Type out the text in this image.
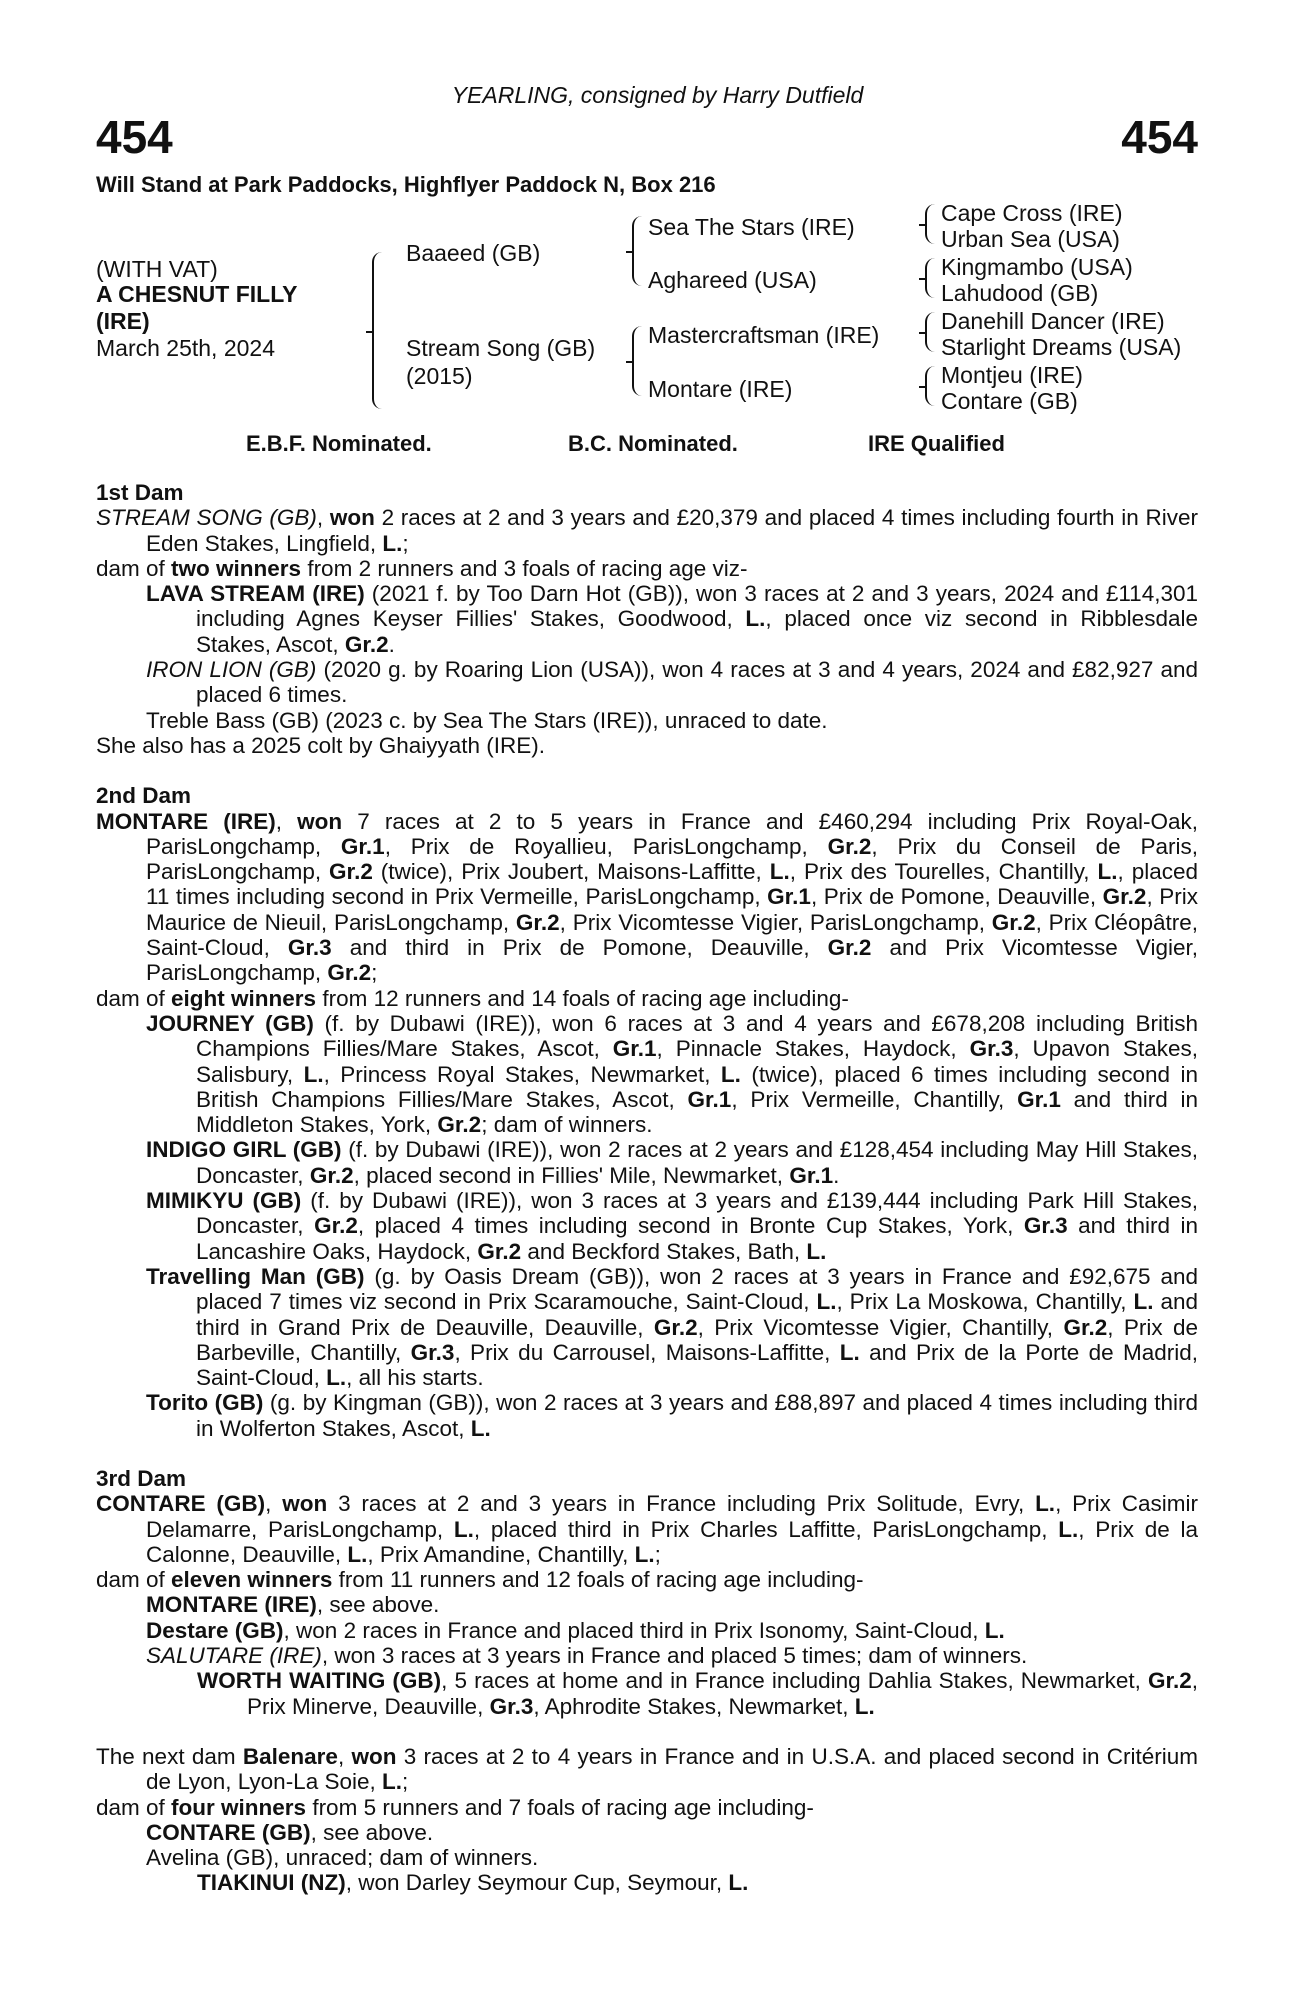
YEARLING, consigned by Harry Dutfield
454	454
Will Stand at Park Paddocks, Highflyer Paddock N, Box 216
(WITH VAT)
A CHESNUT FILLY
(IRE)
March 25th, 2024
Baaeed (GB)
Stream Song (GB)
(2015)
Sea The Stars (IRE)
Aghareed (USA)
Mastercraftsman (IRE)
Montare (IRE)
Cape Cross (IRE)
Urban Sea (USA)
Kingmambo (USA)
Lahudood (GB)
Danehill Dancer (IRE)
Starlight Dreams (USA)
Montjeu (IRE)
Contare (GB)
E.B.F. Nominated.	B.C. Nominated.	IRE Qualified
1st Dam
STREAM SONG (GB), won 2 races at 2 and 3 years and £20,379 and placed 4 times including fourth in River Eden Stakes, Lingfield, L.;
dam of two winners from 2 runners and 3 foals of racing age viz-
LAVA STREAM (IRE) (2021 f. by Too Darn Hot (GB)), won 3 races at 2 and 3 years, 2024 and £114,301 including Agnes Keyser Fillies' Stakes, Goodwood, L., placed once viz second in Ribblesdale Stakes, Ascot, Gr.2.
IRON LION (GB) (2020 g. by Roaring Lion (USA)), won 4 races at 3 and 4 years, 2024 and £82,927 and placed 6 times.
Treble Bass (GB) (2023 c. by Sea The Stars (IRE)), unraced to date.
She also has a 2025 colt by Ghaiyyath (IRE).
2nd Dam
MONTARE (IRE), won 7 races at 2 to 5 years in France and £460,294 including Prix Royal-Oak, ParisLongchamp, Gr.1, Prix de Royallieu, ParisLongchamp, Gr.2, Prix du Conseil de Paris, ParisLongchamp, Gr.2 (twice), Prix Joubert, Maisons-Laffitte, L., Prix des Tourelles, Chantilly, L., placed 11 times including second in Prix Vermeille, ParisLongchamp, Gr.1, Prix de Pomone, Deauville, Gr.2, Prix Maurice de Nieuil, ParisLongchamp, Gr.2, Prix Vicomtesse Vigier, ParisLongchamp, Gr.2, Prix Cléopâtre, Saint-Cloud, Gr.3 and third in Prix de Pomone, Deauville, Gr.2 and Prix Vicomtesse Vigier, ParisLongchamp, Gr.2;
dam of eight winners from 12 runners and 14 foals of racing age including-
JOURNEY (GB) (f. by Dubawi (IRE)), won 6 races at 3 and 4 years and £678,208 including British Champions Fillies/Mare Stakes, Ascot, Gr.1, Pinnacle Stakes, Haydock, Gr.3, Upavon Stakes, Salisbury, L., Princess Royal Stakes, Newmarket, L. (twice), placed 6 times including second in British Champions Fillies/Mare Stakes, Ascot, Gr.1, Prix Vermeille, Chantilly, Gr.1 and third in Middleton Stakes, York, Gr.2; dam of winners.
INDIGO GIRL (GB) (f. by Dubawi (IRE)), won 2 races at 2 years and £128,454 including May Hill Stakes, Doncaster, Gr.2, placed second in Fillies' Mile, Newmarket, Gr.1.
MIMIKYU (GB) (f. by Dubawi (IRE)), won 3 races at 3 years and £139,444 including Park Hill Stakes, Doncaster, Gr.2, placed 4 times including second in Bronte Cup Stakes, York, Gr.3 and third in Lancashire Oaks, Haydock, Gr.2 and Beckford Stakes, Bath, L.
Travelling Man (GB) (g. by Oasis Dream (GB)), won 2 races at 3 years in France and £92,675 and placed 7 times viz second in Prix Scaramouche, Saint-Cloud, L., Prix La Moskowa, Chantilly, L. and third in Grand Prix de Deauville, Deauville, Gr.2, Prix Vicomtesse Vigier, Chantilly, Gr.2, Prix de Barbeville, Chantilly, Gr.3, Prix du Carrousel, Maisons-Laffitte, L. and Prix de la Porte de Madrid, Saint-Cloud, L., all his starts.
Torito (GB) (g. by Kingman (GB)), won 2 races at 3 years and £88,897 and placed 4 times including third in Wolferton Stakes, Ascot, L.
3rd Dam
CONTARE (GB), won 3 races at 2 and 3 years in France including Prix Solitude, Evry, L., Prix Casimir Delamarre, ParisLongchamp, L., placed third in Prix Charles Laffitte, ParisLongchamp, L., Prix de la Calonne, Deauville, L., Prix Amandine, Chantilly, L.;
dam of eleven winners from 11 runners and 12 foals of racing age including-
MONTARE (IRE), see above.
Destare (GB), won 2 races in France and placed third in Prix Isonomy, Saint-Cloud, L.
SALUTARE (IRE), won 3 races at 3 years in France and placed 5 times; dam of winners.
WORTH WAITING (GB), 5 races at home and in France including Dahlia Stakes, Newmarket, Gr.2, Prix Minerve, Deauville, Gr.3, Aphrodite Stakes, Newmarket, L.
The next dam Balenare, won 3 races at 2 to 4 years in France and in U.S.A. and placed second in Critérium de Lyon, Lyon-La Soie, L.;
dam of four winners from 5 runners and 7 foals of racing age including-
CONTARE (GB), see above.
Avelina (GB), unraced; dam of winners.
TIAKINUI (NZ), won Darley Seymour Cup, Seymour, L.
